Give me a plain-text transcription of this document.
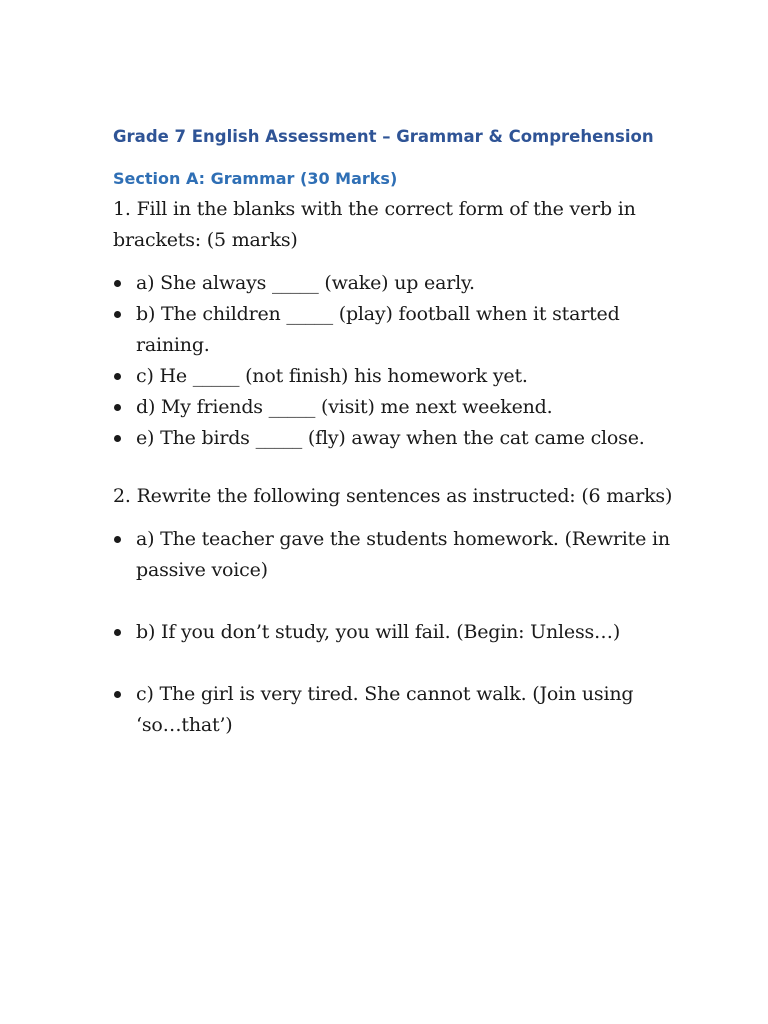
Grade 7 English Assessment – Grammar & Comprehension
Section A: Grammar (30 Marks)

1. Fill in the blanks with the correct form of the verb in brackets: (5 marks)

a) She always _____ (wake) up early.
b) The children _____ (play) football when it started raining.
c) He _____ (not finish) his homework yet.
d) My friends _____ (visit) me next weekend.
e) The birds _____ (fly) away when the cat came close.

2. Rewrite the following sentences as instructed: (6 marks)

a) The teacher gave the students homework. (Rewrite in passive voice)
b) If you don’t study, you will fail. (Begin: Unless…)
c) The girl is very tired. She cannot walk. (Join using ‘so…that’)
